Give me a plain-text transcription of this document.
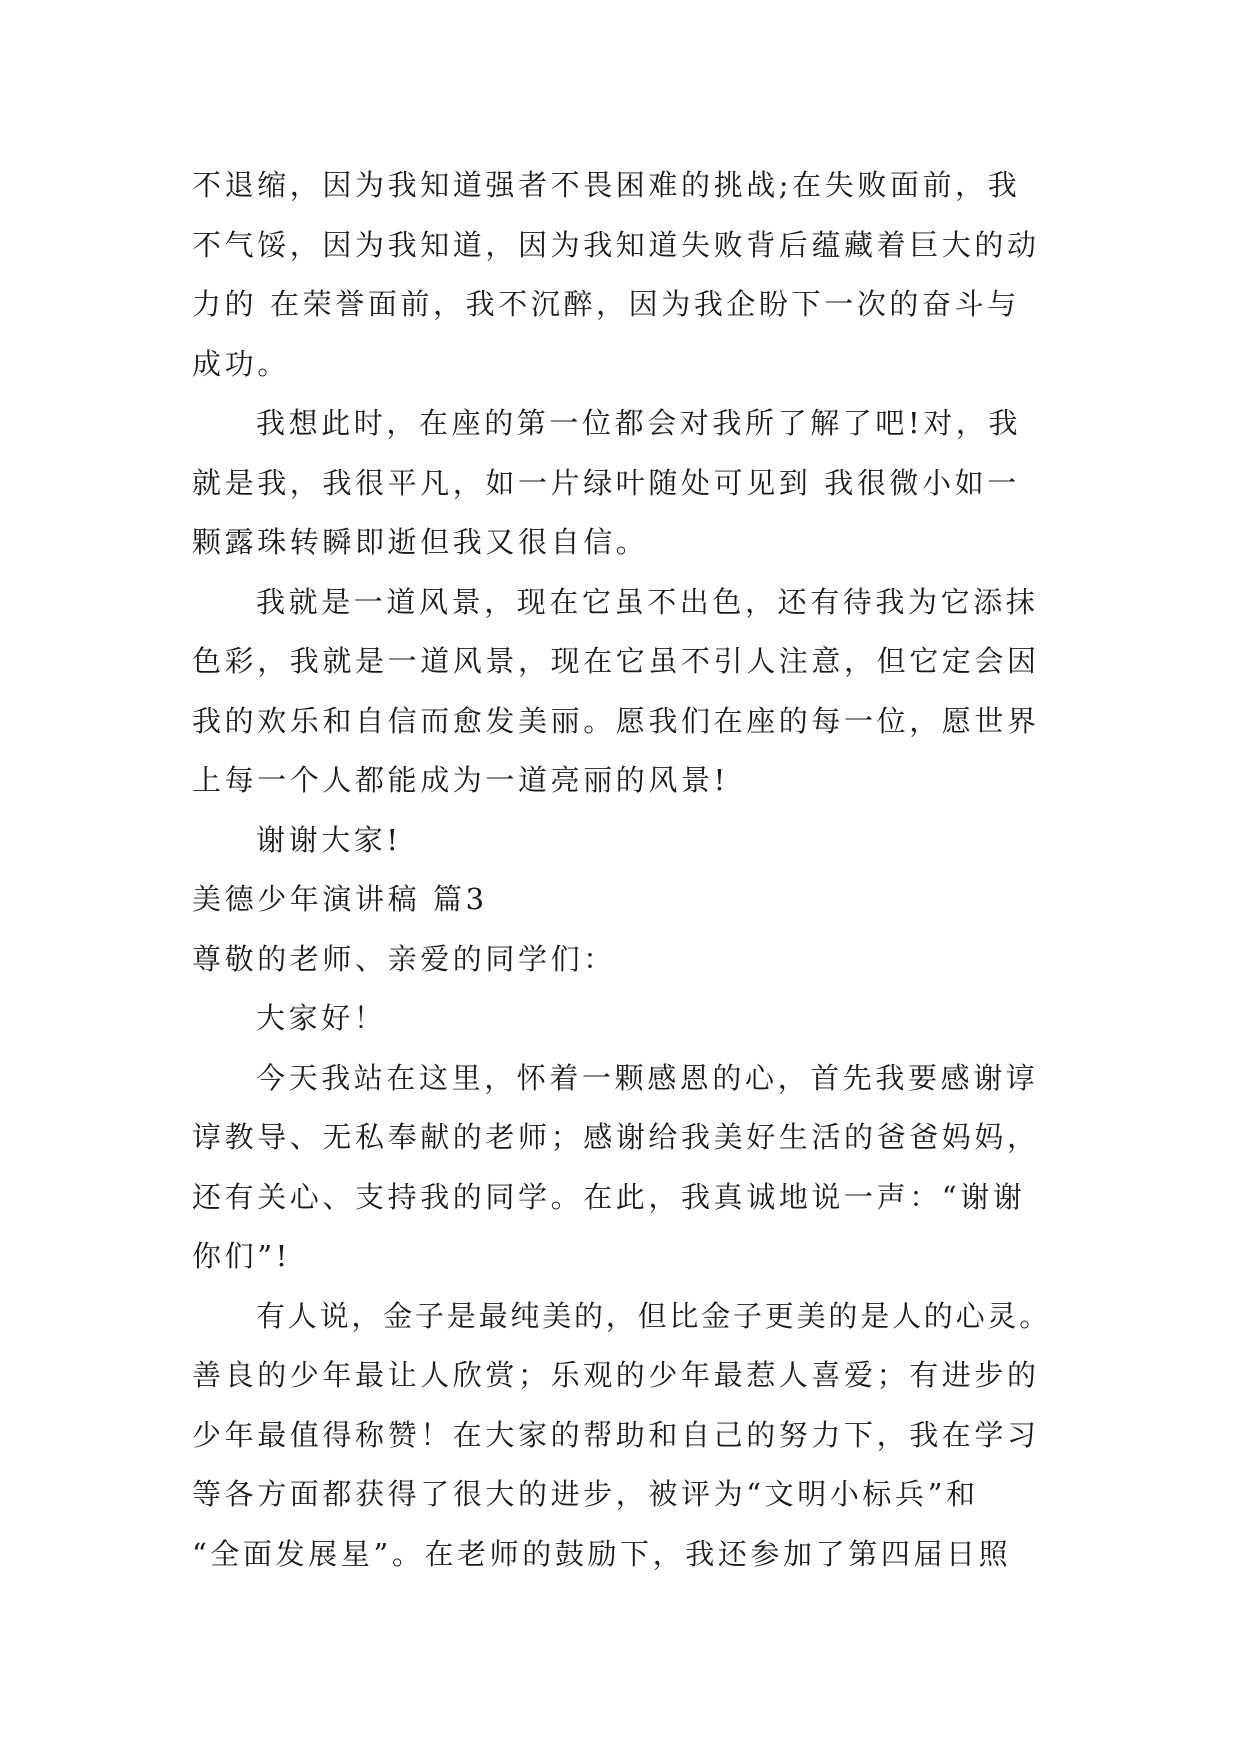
不退缩，因为我知道强者不畏困难的挑战;在失败面前，我
不气馁，因为我知道，因为我知道失败背后蕴藏着巨大的动
力的 在荣誉面前，我不沉醉，因为我企盼下一次的奋斗与
成功。
我想此时，在座的第一位都会对我所了解了吧!对，我
就是我，我很平凡，如一片绿叶随处可见到 我很微小如一
颗露珠转瞬即逝但我又很自信。
我就是一道风景，现在它虽不出色，还有待我为它添抹
色彩，我就是一道风景，现在它虽不引人注意，但它定会因
我的欢乐和自信而愈发美丽。愿我们在座的每一位，愿世界
上每一个人都能成为一道亮丽的风景!
谢谢大家!
美德少年演讲稿 篇3
尊敬的老师、亲爱的同学们：
大家好！
今天我站在这里，怀着一颗感恩的心，首先我要感谢谆
谆教导、无私奉献的老师；感谢给我美好生活的爸爸妈妈，
还有关心、支持我的同学。在此，我真诚地说一声：“谢谢
你们”!
有人说，金子是最纯美的，但比金子更美的是人的心灵。
善良的少年最让人欣赏；乐观的少年最惹人喜爱；有进步的
少年最值得称赞！在大家的帮助和自己的努力下，我在学习
等各方面都获得了很大的进步，被评为“文明小标兵”和
“全面发展星”。在老师的鼓励下，我还参加了第四届日照
